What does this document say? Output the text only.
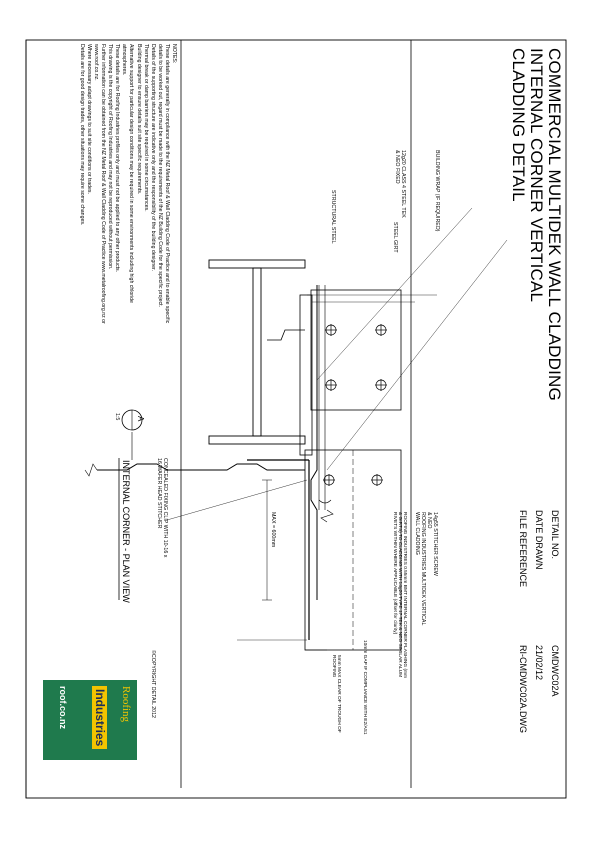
COMMERCIAL MULTIDEK WALL CLADDING
INTERNAL CORNER VERTICAL
CLADDING DETAIL
DETAIL NO.
CMDWC02A
DATE DRAWN
21/02/12
FILE REFERENCE
RI-CMDWC02A.DWG
NOTES:
These details are generally in compliance with the NZ Metal Roof & Wall Cladding Code of Practice and to enable specific details to be worked out, regard must be made to the requirements of the NZ Building Code for the specific project.
Details of the supporting structure are indicative only and the responsibility of the building designer.
Thermal break or damp barriers may be required in some circumstances.
Building designer to ensure details suit site specific requirements.
Alternative support for particular design conditions may be required in some environments including high chloride atmospheres.
These details are for Roofing Industries profiles only and must not be applied to any other products.
This drawing is the copyright of Roofing Industries and may not be reproduced without permission.
Further information can be obtained from the NZ Metal Roof & Wall Cladding Code of Practice www.metalroofing.org.nz or www.roof.co.nz.
Where necessary adapt drawings to suit site conditions or trades.
Details are for good design trades, other situations may require some changes.	BUILDING WRAP (IF REQUIRED)
12g20 CLASS 4 STEEL TEK & NEO FIXED
STEEL GIRT
STRUCTURAL STEEL
MAX = 600mm	14g55 STITCHER SCREW & NEO
ROOFING INDUSTRIES MULTIDEK VERTICAL WALL CLADDING
ROOFING INDUSTRIES 0.55mm BMT INTERNAL CORNER FLASHING (mm & GIRTS) TO CLADDING WITH 14g20 TYPE 17 TEK & NEO SIMILAR ALUM RIVETS WITHIN WHERE APPLICABLE (offset for clarity)
10mm GAP IF COMPLIANCE WITH E2/AS1
5mm MAX CLEAR OF TROUGH OF ROOFING
CONCEALED FIXING CLIP WITH 10-16 x 16 WAFER HEAD STITCHER
A
1:5
INTERNAL CORNER - PLAN VIEW
©COPYRIGHT DETAIL 2012
Roofing
Industries
roof.co.nz
